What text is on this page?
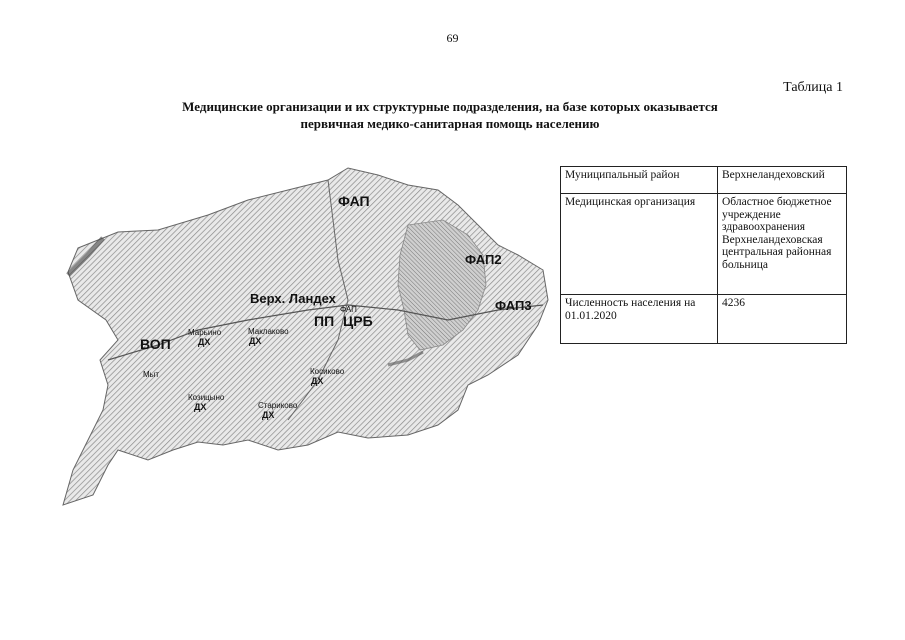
69
Таблица 1
Медицинские организации и их структурные подразделения, на базе которых оказывается
первичная медико-санитарная помощь населению
ФАП
ФАП2
ФАП3
Верх. Ландех
ПП
ФАП
ЦРБ
ВОП
Марьино
ДХ
Маклаково
ДХ
Мыт	Косиково
ДХ
Козицыно
ДХ	Стариково
ДХ
Муниципальный район	Верхнеландеховский
Медицинская организация	Областное бюджетное учреждение здравоохранения Верхнеландеховская центральная районная больница
Численность населения на 01.01.2020	4236
